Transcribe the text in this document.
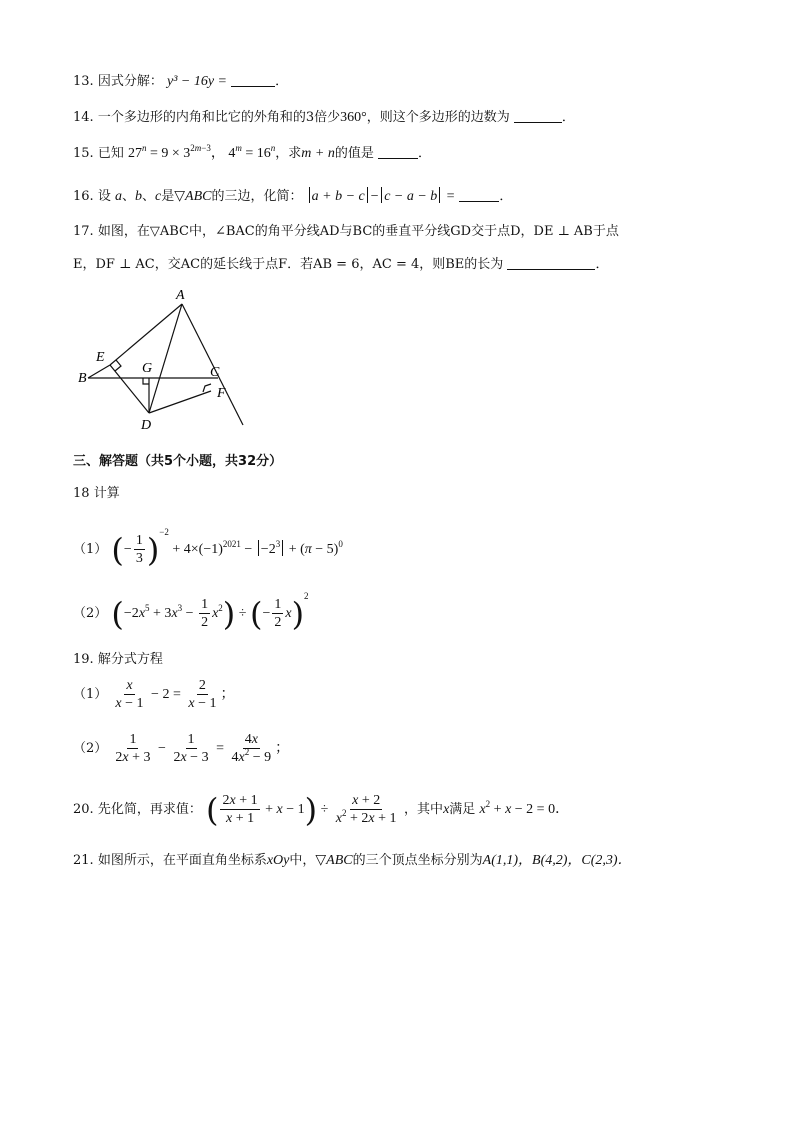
13. 因式分解： y³ − 16y =	．
14. 一个多边形的内角和比它的外角和的3倍少360°，则这个多边形的边数为	．
15. 已知 $27^n = 9 \times 3^{2m-3}$， $4^m = 16^n$，求m + n的值是	．
16. 设 a、b、c是▽ABC的三边，化简： a + b − c − c − a − b =	．
17. 如图，在▽ABC中，∠BAC的角平分线AD与BC的垂直平分线GD交于点D，DE ⊥ AB于点
E，DF ⊥ AC，交AC的延长线于点F．若AB = 6，AC = 4，则BE的长为	．
A
B	C
D
E
F
G
三、解答题（共5个小题，共32分）
18 计算
（1） (− $\frac{1}{3} )^{-2} + 4\times(-1)^{2021} - -2^3 + (\pi - 5)^0$
（2） $(-2x^5 + 3x^3 - \frac{1}{2} x^2)$ ÷ (− $\frac{1}{2} x)^2$
19. 解分式方程
$(1) \frac{x}{x - 1} - 2 = \frac{2}{x - 1}$ ；
$(2) \frac{1}{2x + 3} - \frac{1}{2x - 3} = \frac{4x}{4x^2 - 9}$ ；
20. 先化简，再求值： ( $\frac{2x + 1}{x + 1} + x - 1) \div \frac{x + 2}{x^2 + 2x + 1}$ ，其中x满足 $x^2 + x - 2 = 0$．
21. 如图所示，在平面直角坐标系xOy中，▽ABC的三个顶点坐标分别为A(1,1)，B(4,2)，C(2,3)．
